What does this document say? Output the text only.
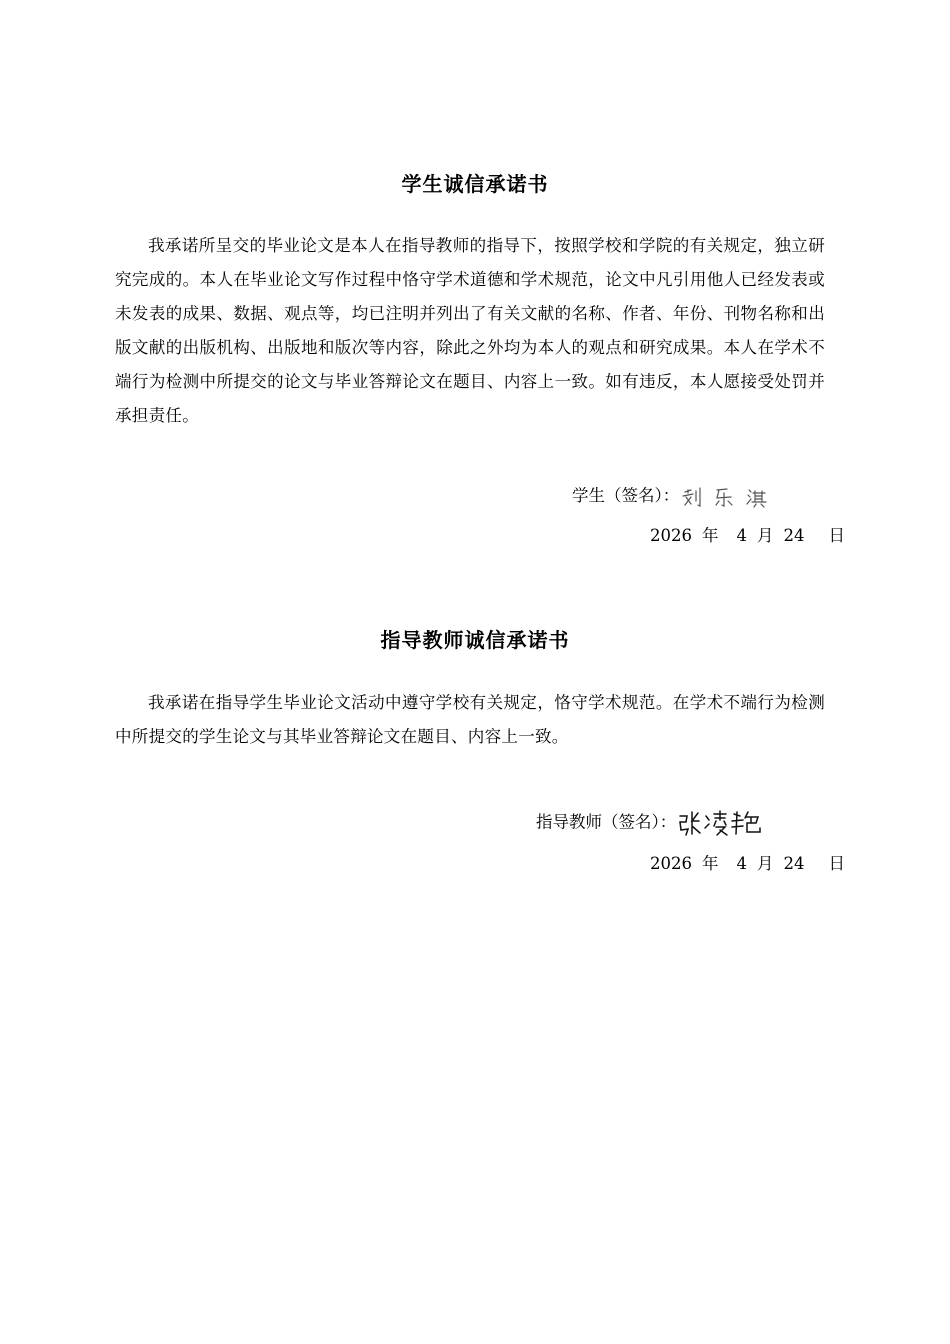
学生诚信承诺书
我承诺所呈交的毕业论文是本人在指导教师的指导下，按照学校和学院的有关规定，独立研究完成的。本人在毕业论文写作过程中恪守学术道德和学术规范，论文中凡引用他人已经发表或未发表的成果、数据、观点等，均已注明并列出了有关文献的名称、作者、年份、刊物名称和出版文献的出版机构、出版地和版次等内容，除此之外均为本人的观点和研究成果。本人在学术不端行为检测中所提交的论文与毕业答辩论文在题目、内容上一致。如有违反，本人愿接受处罚并承担责任。
学生（签名）：
2026 年 4 月 24 日
指导教师诚信承诺书
我承诺在指导学生毕业论文活动中遵守学校有关规定，恪守学术规范。在学术不端行为检测中所提交的学生论文与其毕业答辩论文在题目、内容上一致。
指导教师（签名）：
2026 年 4 月 24 日
